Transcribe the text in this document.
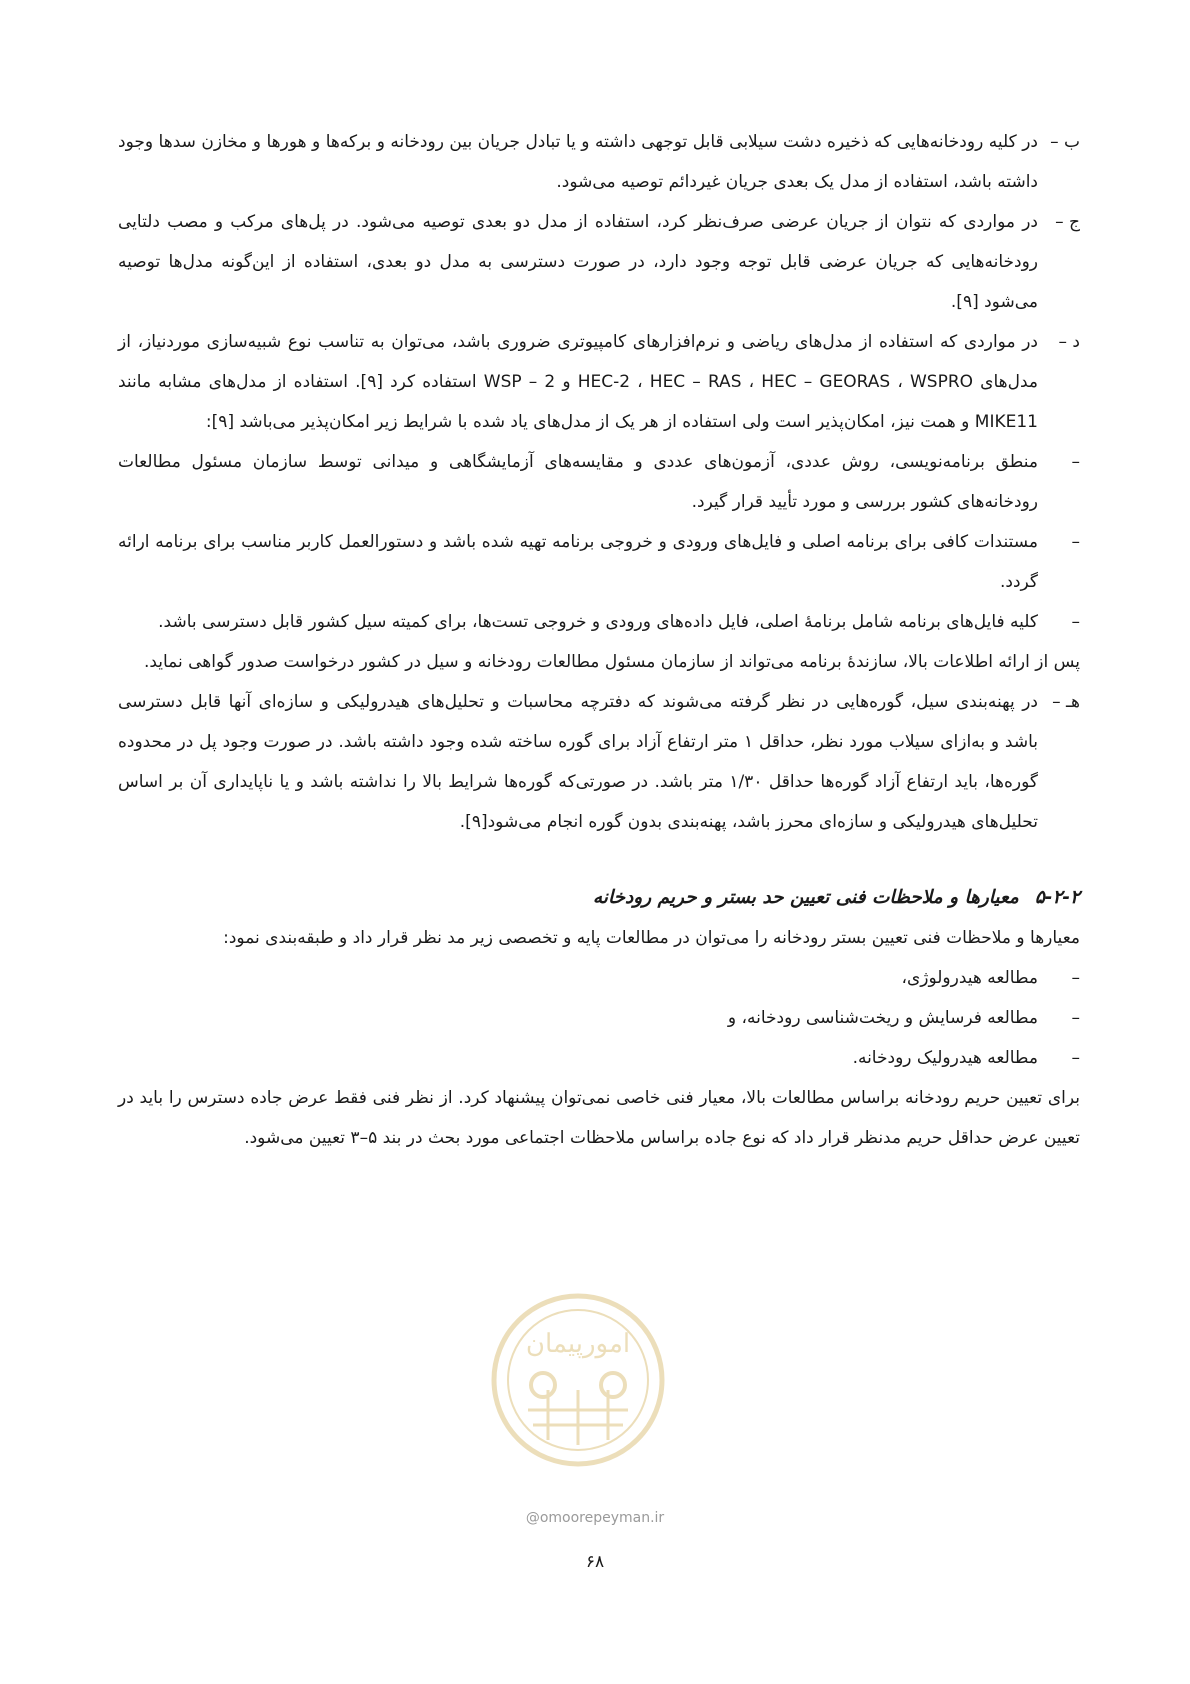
ب –
در کلیه رودخانه‌هایی که ذخیره دشت سیلابی قابل توجهی داشته و یا تبادل جریان بین رودخانه و برکه‌ها و هورها و مخازن سدها وجود داشته باشد، استفاده از مدل یک بعدی جریان غیردائم توصیه می‌شود.

ج –
در مواردی که نتوان از جریان عرضی صرف‌نظر کرد، استفاده از مدل دو بعدی توصیه می‌شود. در پل‌های مرکب و مصب دلتایی رودخانه‌هایی که جریان عرضی قابل توجه وجود دارد، در صورت دسترسی به مدل دو بعدی، استفاده از این‌گونه مدل‌ها توصیه می‌شود [۹].

د –
در مواردی که استفاده از مدل‌های ریاضی و نرم‌افزارهای کامپیوتری ضروری باشد، می‌توان به تناسب نوع شبیه‌سازی موردنیاز، از مدل‌های HEC-2 ، HEC – RAS ، HEC – GEORAS ، WSPRO و WSP – 2 استفاده کرد [۹]. استفاده از مدل‌های مشابه مانند MIKE11 و همت نیز، امکان‌پذیر است ولی استفاده از هر یک از مدل‌های یاد شده با شرایط زیر امکان‌پذیر می‌باشد [۹]:

–
منطق برنامه‌نویسی، روش عددی، آزمون‌های عددی و مقایسه‌های آزمایشگاهی و میدانی توسط سازمان مسئول مطالعات رودخانه‌های کشور بررسی و مورد تأیید قرار گیرد.

–
مستندات کافی برای برنامه اصلی و فایل‌های ورودی و خروجی برنامه تهیه شده باشد و دستورالعمل کاربر مناسب برای برنامه ارائه گردد.

–
کلیه فایل‌های برنامه شامل برنامهٔ اصلی، فایل داده‌های ورودی و خروجی تست‌ها، برای کمیته سیل کشور قابل دسترسی باشد.

پس از ارائه اطلاعات بالا، سازندهٔ برنامه می‌تواند از سازمان مسئول مطالعات رودخانه و سیل در کشور درخواست صدور گواهی نماید.

هـ –
در پهنه‌بندی سیل، گوره‌هایی در نظر گرفته می‌شوند که دفترچه محاسبات و تحلیل‌های هیدرولیکی و سازه‌ای آنها قابل دسترسی باشد و به‌ازای سیلاب مورد نظر، حداقل ۱ متر ارتفاع آزاد برای گوره ساخته شده وجود داشته باشد. در صورت وجود پل در محدوده گوره‌ها، باید ارتفاع آزاد گوره‌ها حداقل ۱/۳۰ متر باشد. در صورتی‌که گوره‌ها شرایط بالا را نداشته باشد و یا ناپایداری آن بر اساس تحلیل‌های هیدرولیکی و سازه‌ای محرز باشد، پهنه‌بندی بدون گوره انجام می‌شود[۹].

۵-۲-۲معیارها و ملاحظات فنی تعیین حد بستر و حریم رودخانه

معیارها و ملاحظات فنی تعیین بستر رودخانه را می‌توان در مطالعات پایه و تخصصی زیر مد نظر قرار داد و طبقه‌بندی نمود:

–
مطالعه هیدرولوژی،

–
مطالعه فرسایش و ریخت‌شناسی رودخانه، و

–
مطالعه هیدرولیک رودخانه.

برای تعیین حریم رودخانه براساس مطالعات بالا، معیار فنی خاصی نمی‌توان پیشنهاد کرد. از نظر فنی فقط عرض جاده دسترس را باید در تعیین عرض حداقل حریم مدنظر قرار داد که نوع جاده براساس ملاحظات اجتماعی مورد بحث در بند ۵–۳ تعیین می‌شود.

امورپیمان
@omoorepeyman.ir
۶۸
